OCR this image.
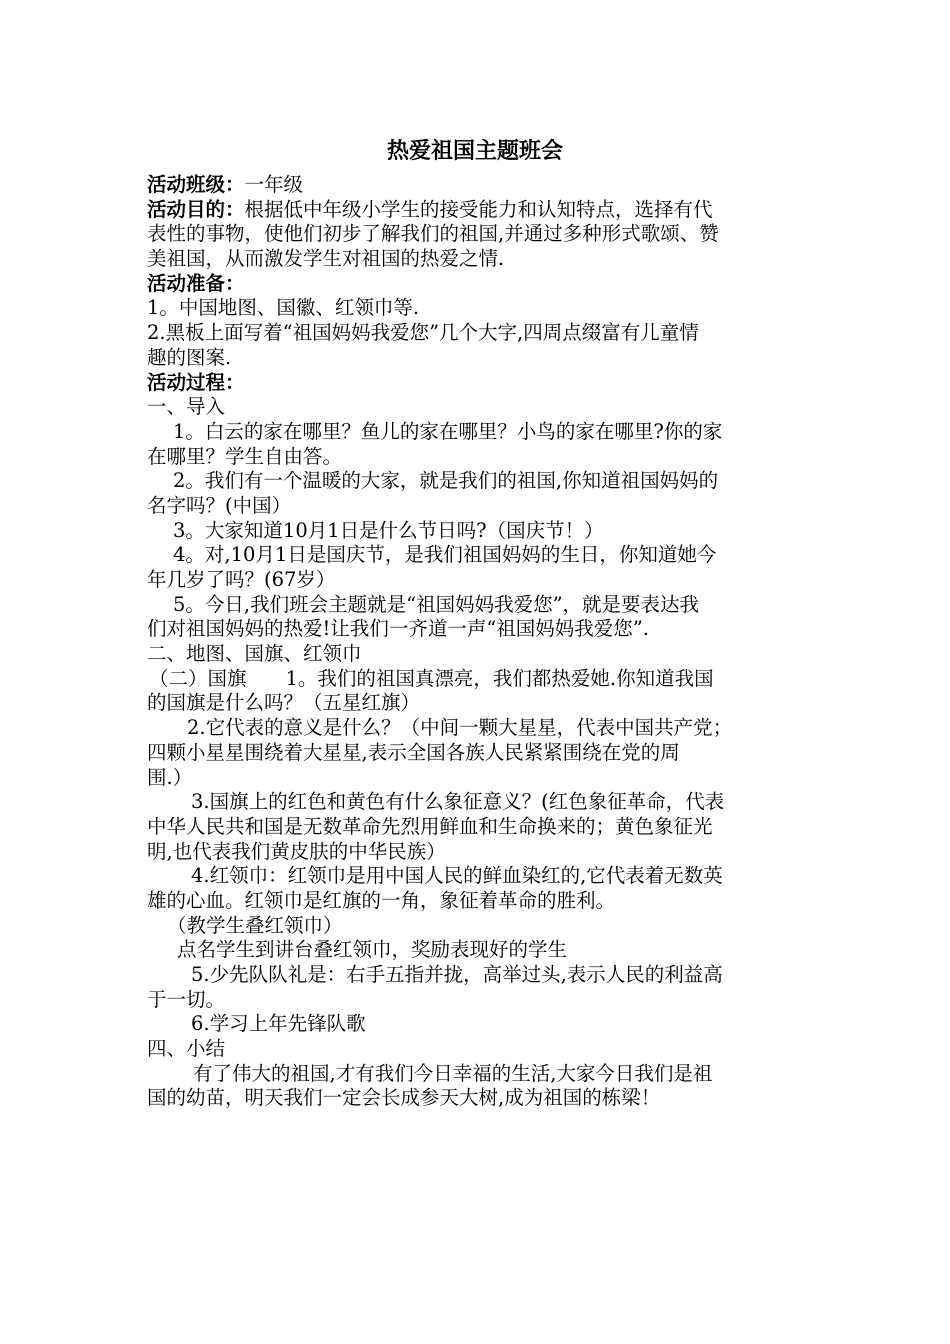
热爱祖国主题班会
活动班级：一年级
活动目的：根据低中年级小学生的接受能力和认知特点，选择有代
表性的事物，使他们初步了解我们的祖国,并通过多种形式歌颂、赞
美祖国，从而激发学生对祖国的热爱之情.
活动准备：
1。中国地图、国徽、红领巾等.
2.黑板上面写着“祖国妈妈我爱您”几个大字,四周点缀富有儿童情
趣的图案.
活动过程：
一、导入
1。白云的家在哪里？鱼儿的家在哪里？小鸟的家在哪里?你的家
在哪里？学生自由答。
2。我们有一个温暖的大家，就是我们的祖国,你知道祖国妈妈的
名字吗？(中国）
3。大家知道10月1日是什么节日吗?（国庆节！）
4。对,10月1日是国庆节，是我们祖国妈妈的生日，你知道她今
年几岁了吗？(67岁）
5。今日,我们班会主题就是“祖国妈妈我爱您”，就是要表达我
们对祖国妈妈的热爱!让我们一齐道一声“祖国妈妈我爱您”.
二、地图、国旗、红领巾
（二）国旗　　1。我们的祖国真漂亮，我们都热爱她.你知道我国
的国旗是什么吗？（五星红旗）
2.它代表的意义是什么？（中间一颗大星星，代表中国共产党；
四颗小星星围绕着大星星,表示全国各族人民紧紧围绕在党的周
围.）
3.国旗上的红色和黄色有什么象征意义？(红色象征革命，代表
中华人民共和国是无数革命先烈用鲜血和生命换来的；黄色象征光
明,也代表我们黄皮肤的中华民族）
4.红领巾：红领巾是用中国人民的鲜血染红的,它代表着无数英
雄的心血。红领巾是红旗的一角，象征着革命的胜利。
（教学生叠红领巾）
点名学生到讲台叠红领巾，奖励表现好的学生
5.少先队队礼是：右手五指并拢，高举过头,表示人民的利益高
于一切。
6.学习上年先锋队歌
四、小结
有了伟大的祖国,才有我们今日幸福的生活,大家今日我们是祖
国的幼苗，明天我们一定会长成参天大树,成为祖国的栋梁！
